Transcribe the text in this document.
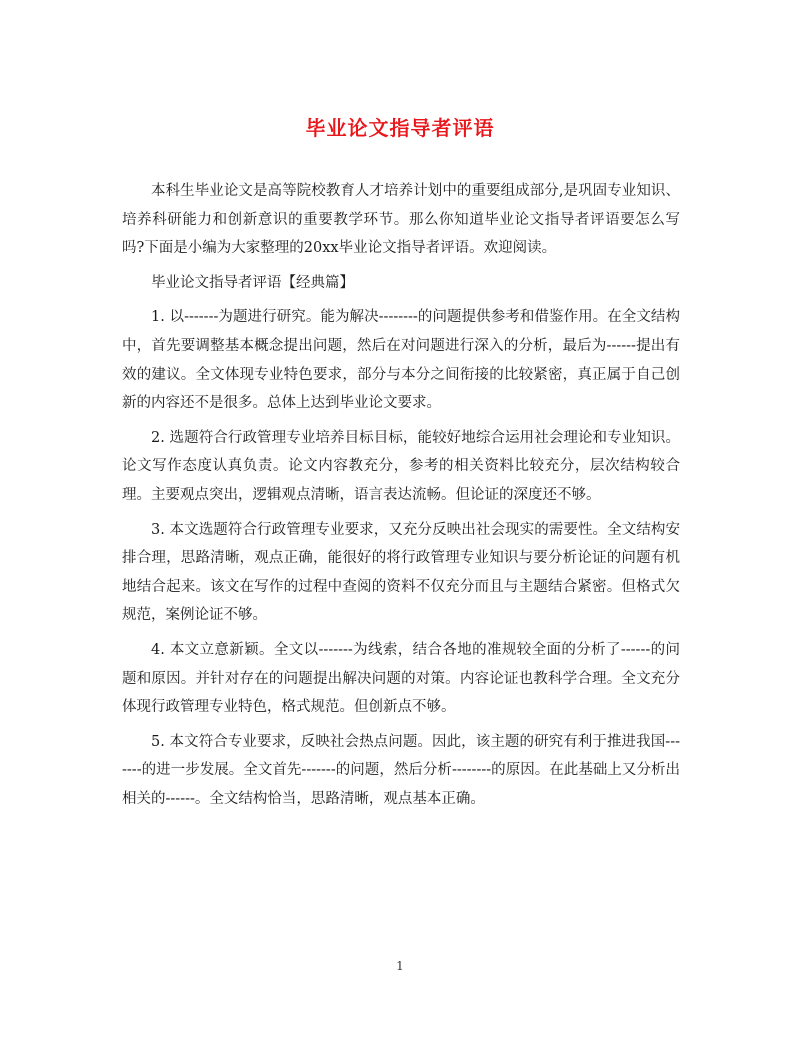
毕业论文指导者评语

本科生毕业论文是高等院校教育人才培养计划中的重要组成部分,是巩固专业知识、培养科研能力和创新意识的重要教学环节。那么你知道毕业论文指导者评语要怎么写吗?下面是小编为大家整理的20xx毕业论文指导者评语。欢迎阅读。

毕业论文指导者评语【经典篇】

1. 以-------为题进行研究。能为解决--------的问题提供参考和借鉴作用。在全文结构中，首先要调整基本概念提出问题，然后在对问题进行深入的分析，最后为------提出有效的建议。全文体现专业特色要求，部分与本分之间衔接的比较紧密，真正属于自己创新的内容还不是很多。总体上达到毕业论文要求。

2. 选题符合行政管理专业培养目标目标，能较好地综合运用社会理论和专业知识。论文写作态度认真负责。论文内容教充分，参考的相关资料比较充分，层次结构较合理。主要观点突出，逻辑观点清晰，语言表达流畅。但论证的深度还不够。

3. 本文选题符合行政管理专业要求，又充分反映出社会现实的需要性。全文结构安排合理，思路清晰，观点正确，能很好的将行政管理专业知识与要分析论证的问题有机地结合起来。该文在写作的过程中查阅的资料不仅充分而且与主题结合紧密。但格式欠规范，案例论证不够。

4. 本文立意新颖。全文以-------为线索，结合各地的准规较全面的分析了------的问题和原因。并针对存在的问题提出解决问题的对策。内容论证也教科学合理。全文充分体现行政管理专业特色，格式规范。但创新点不够。

5. 本文符合专业要求，反映社会热点问题。因此，该主题的研究有利于推进我国-------的进一步发展。全文首先-------的问题，然后分析--------的原因。在此基础上又分析出相关的------。全文结构恰当，思路清晰，观点基本正确。

1
